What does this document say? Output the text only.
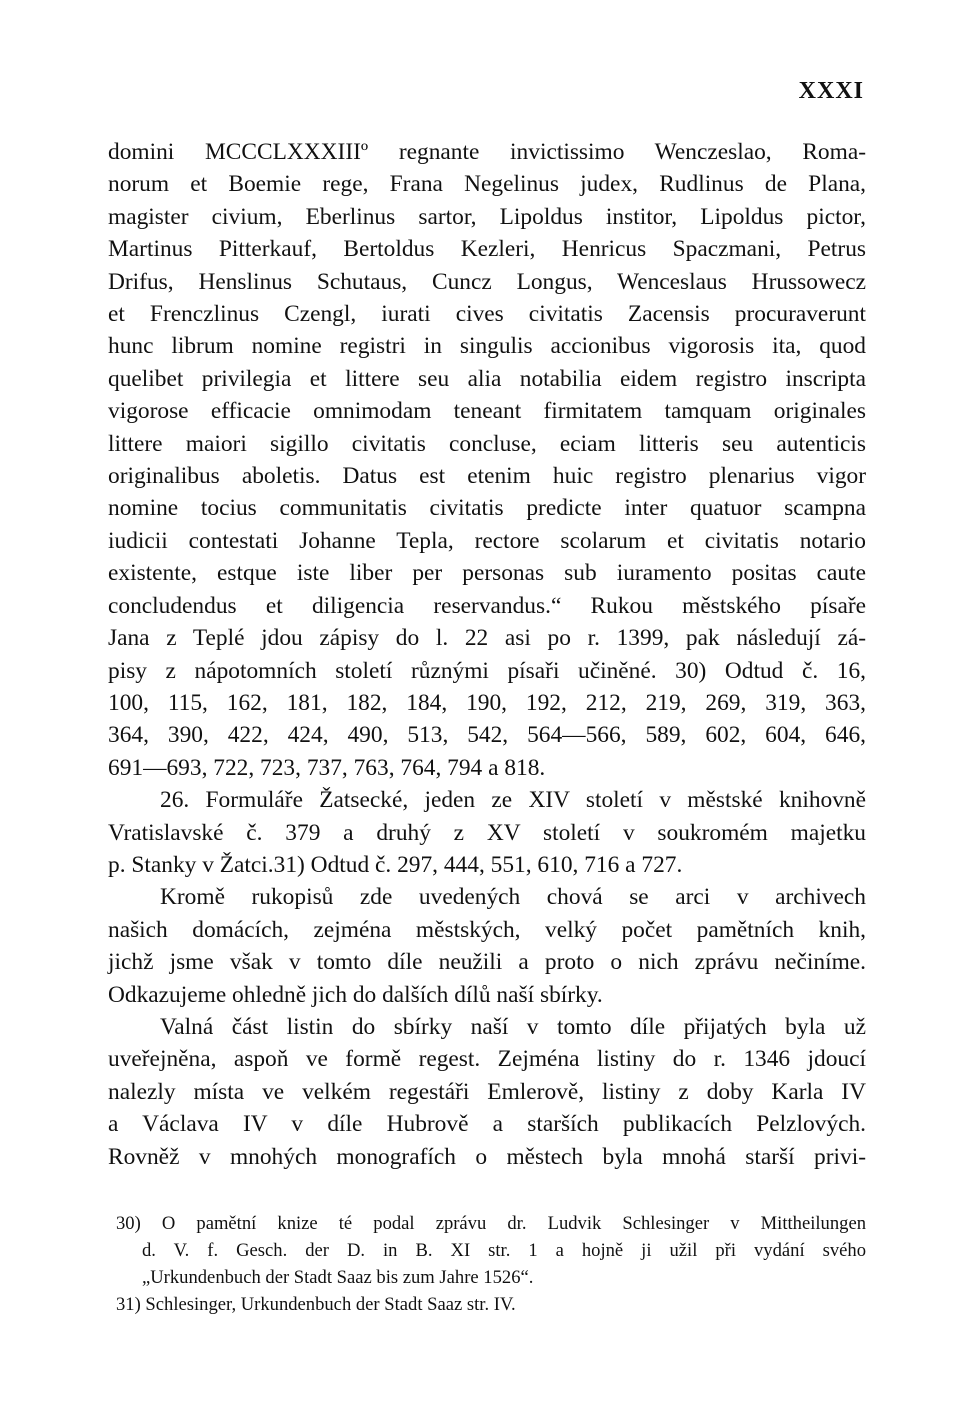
XXXI
domini MCCCLXXXIIIº regnante invictissimo Wenczeslao, Roma-
norum et Boemie rege, Frana Negelinus judex, Rudlinus de Plana,
magister civium, Eberlinus sartor, Lipoldus institor, Lipoldus pictor,
Martinus Pitterkauf, Bertoldus Kezleri, Henricus Spaczmani, Petrus
Drifus, Henslinus Schutaus, Cuncz Longus, Wenceslaus Hrussowecz
et Frenczlinus Czengl, iurati cives civitatis Zacensis procuraverunt
hunc librum nomine registri in singulis accionibus vigorosis ita, quod
quelibet privilegia et littere seu alia notabilia eidem registro inscripta
vigorose efficacie omnimodam teneant firmitatem tamquam originales
littere maiori sigillo civitatis concluse, eciam litteris seu autenticis
originalibus aboletis. Datus est etenim huic registro plenarius vigor
nomine tocius communitatis civitatis predicte inter quatuor scampna
iudicii contestati Johanne Tepla, rectore scolarum et civitatis notario
existente, estque iste liber per personas sub iuramento positas caute
concludendus et diligencia reservandus.“ Rukou městského písaře
Jana z Teplé jdou zápisy do l. 22 asi po r. 1399, pak následují zá-
pisy z nápotomních století různými písaři učiněné. 30) Odtud č. 16,
100, 115, 162, 181, 182, 184, 190, 192, 212, 219, 269, 319, 363,
364, 390, 422, 424, 490, 513, 542, 564—566, 589, 602, 604, 646,
691—693, 722, 723, 737, 763, 764, 794 a 818.
26. Formuláře Žatsecké, jeden ze XIV století v městské knihovně
Vratislavské č. 379 a druhý z XV století v soukromém majetku
p. Stanky v Žatci.31) Odtud č. 297, 444, 551, 610, 716 a 727.
Kromě rukopisů zde uvedených chová se arci v archivech
našich domácích, zejména městských, velký počet pamětních knih,
jichž jsme však v tomto díle neužili a proto o nich zprávu nečiníme.
Odkazujeme ohledně jich do dalších dílů naší sbírky.
Valná část listin do sbírky naší v tomto díle přijatých byla už
uveřejněna, aspoň ve formě regest. Zejména listiny do r. 1346 jdoucí
nalezly místa ve velkém regestáři Emlerově, listiny z doby Karla IV
a Václava IV v díle Hubrově a starších publikacích Pelzlových.
Rovněž v mnohých monografích o městech byla mnohá starší privi-
30) O pamětní knize té podal zprávu dr. Ludvik Schlesinger v Mittheilungen
d. V. f. Gesch. der D. in B. XI str. 1 a hojně ji užil při vydání svého
„Urkundenbuch der Stadt Saaz bis zum Jahre 1526“.
31) Schlesinger, Urkundenbuch der Stadt Saaz str. IV.
